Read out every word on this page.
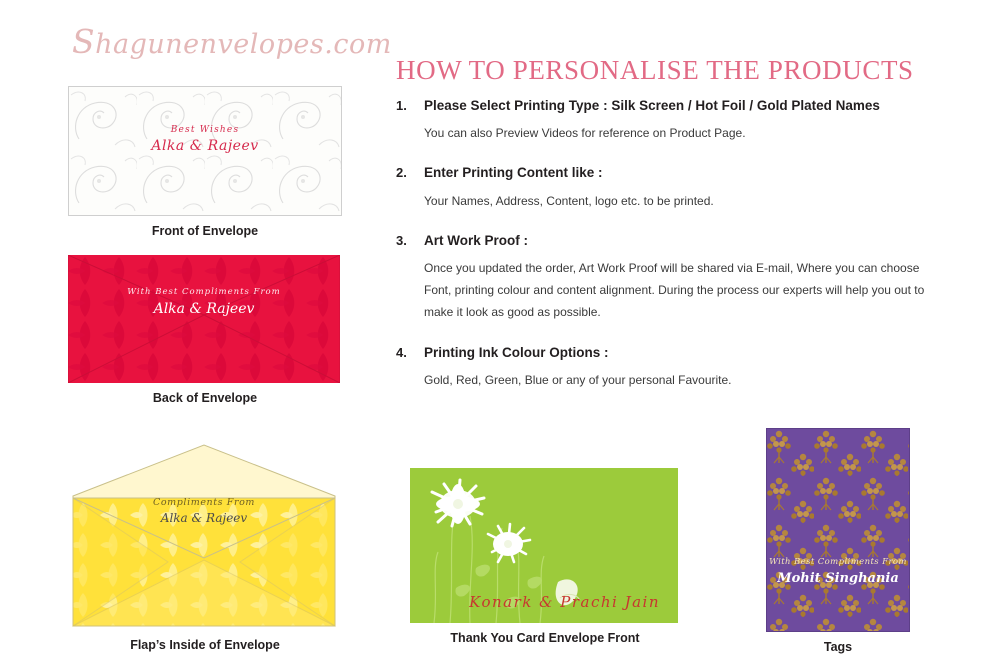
Shagunenvelopes.com
HOW TO PERSONALISE THE PRODUCTS
1. Please Select Printing Type : Silk Screen / Hot Foil / Gold Plated Names
You can also Preview Videos for reference on Product Page.
2. Enter Printing Content like :
Your Names, Address, Content, logo etc. to be printed.
3. Art Work Proof :
Once you updated the order, Art Work Proof will be shared via E-mail, Where you can choose Font, printing colour and content alignment. During the process our experts will help you out to make it look as good as possible.
4. Printing Ink Colour Options :
Gold, Red, Green, Blue or any of your personal Favourite.
Best Wishes
Alka & Rajeev
Front of Envelope
With Best Compliments From
Alka & Rajeev
Back of Envelope
Compliments From
Alka & Rajeev
Flap’s Inside of Envelope
Konark & Prachi Jain
Thank You Card Envelope Front
With Best Compliments From
Mohit Singhania
Tags
